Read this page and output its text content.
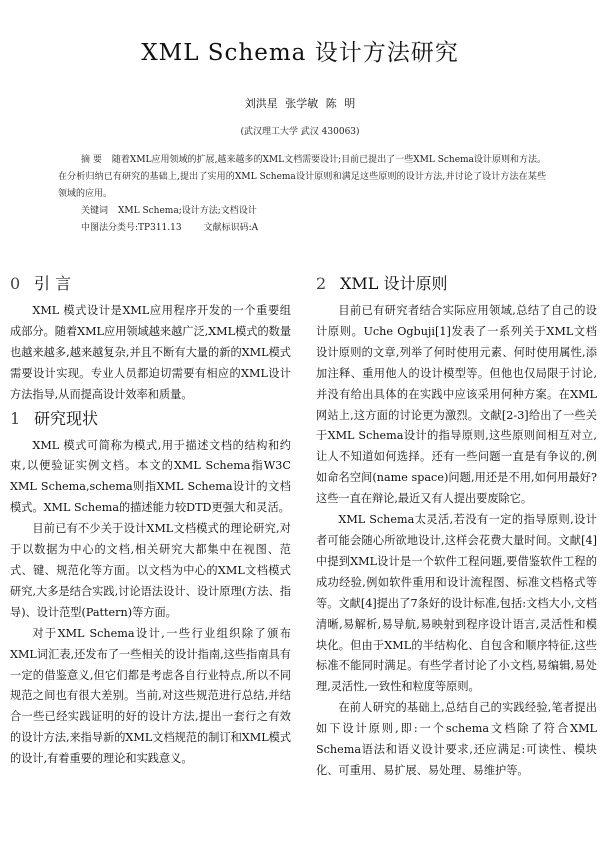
XML Schema 设计方法研究
刘洪星 张学敏 陈 明
(武汉理工大学 武汉 430063)

摘 要 随着XML应用领域的扩展,越来越多的XML文档需要设计;目前已提出了一些XML Schema设计原则和方法。在分析归纳已有研究的基础上,提出了实用的XML Schema设计原则和满足这些原则的设计方法,并讨论了设计方法在某些领域的应用。

关键词 XML Schema;设计方法;文档设计
中图法分类号:TP311.13 文献标识码:A
0 引 言

XML 模式设计是XML应用程序开发的一个重要组成部分。随着XML应用领域越来越广泛,XML模式的数量也越来越多,越来越复杂,并且不断有大量的新的XML模式需要设计实现。专业人员都迫切需要有相应的XML设计方法指导,从而提高设计效率和质量。

1 研究现状

XML 模式可简称为模式,用于描述文档的结构和约束,以便验证实例文档。本文的XML Schema指W3C XML Schema,schema则指XML Schema设计的文档模式。XML Schema的描述能力较DTD更强大和灵活。

目前已有不少关于设计XML文档模式的理论研究,对于以数据为中心的文档,相关研究大都集中在视图、范式、键、规范化等方面。以文档为中心的XML文档模式研究,大多是结合实践,讨论语法设计、设计原理(方法、指导)、设计范型(Pattern)等方面。

对于XML Schema设计,一些行业组织除了颁布XML词汇表,还发布了一些相关的设计指南,这些指南具有一定的借鉴意义,但它们都是考虑各自行业特点,所以不同规范之间也有很大差别。当前,对这些规范进行总结,并结合一些已经实践证明的好的设计方法,提出一套行之有效的设计方法,来指导新的XML文档规范的制订和XML模式的设计,有着重要的理论和实践意义。

2 XML 设计原则

目前已有研究者结合实际应用领域,总结了自己的设计原则。Uche Ogbuji[1]发表了一系列关于XML文档设计原则的文章,列举了何时使用元素、何时使用属性,添加注释、重用他人的设计模型等。但他也仅局限于讨论,并没有给出具体的在实践中应该采用何种方案。在XML网站上,这方面的讨论更为激烈。文献[2-3]给出了一些关于XML Schema设计的指导原则,这些原则间相互对立,让人不知道如何选择。还有一些问题一直是有争议的,例如命名空间(name space)问题,用还是不用,如何用最好?这些一直在辩论,最近又有人提出要废除它。

XML Schema太灵活,若没有一定的指导原则,设计者可能会随心所欲地设计,这样会花费大量时间。文献[4]中提到XML设计是一个软件工程问题,要借鉴软件工程的成功经验,例如软件重用和设计流程图、标准文档格式等等。文献[4]提出了7条好的设计标准,包括:文档大小,文档清晰,易解析,易导航,易映射到程序设计语言,灵活性和模块化。但由于XML的半结构化、自包含和顺序特征,这些标准不能同时满足。有些学者讨论了小文档,易编辑,易处理,灵活性,一致性和粒度等原则。

在前人研究的基础上,总结自己的实践经验,笔者提出如下设计原则,即:一个schema文档除了符合XML Schema语法和语义设计要求,还应满足:可读性、模块化、可重用、易扩展、易处理、易维护等。
